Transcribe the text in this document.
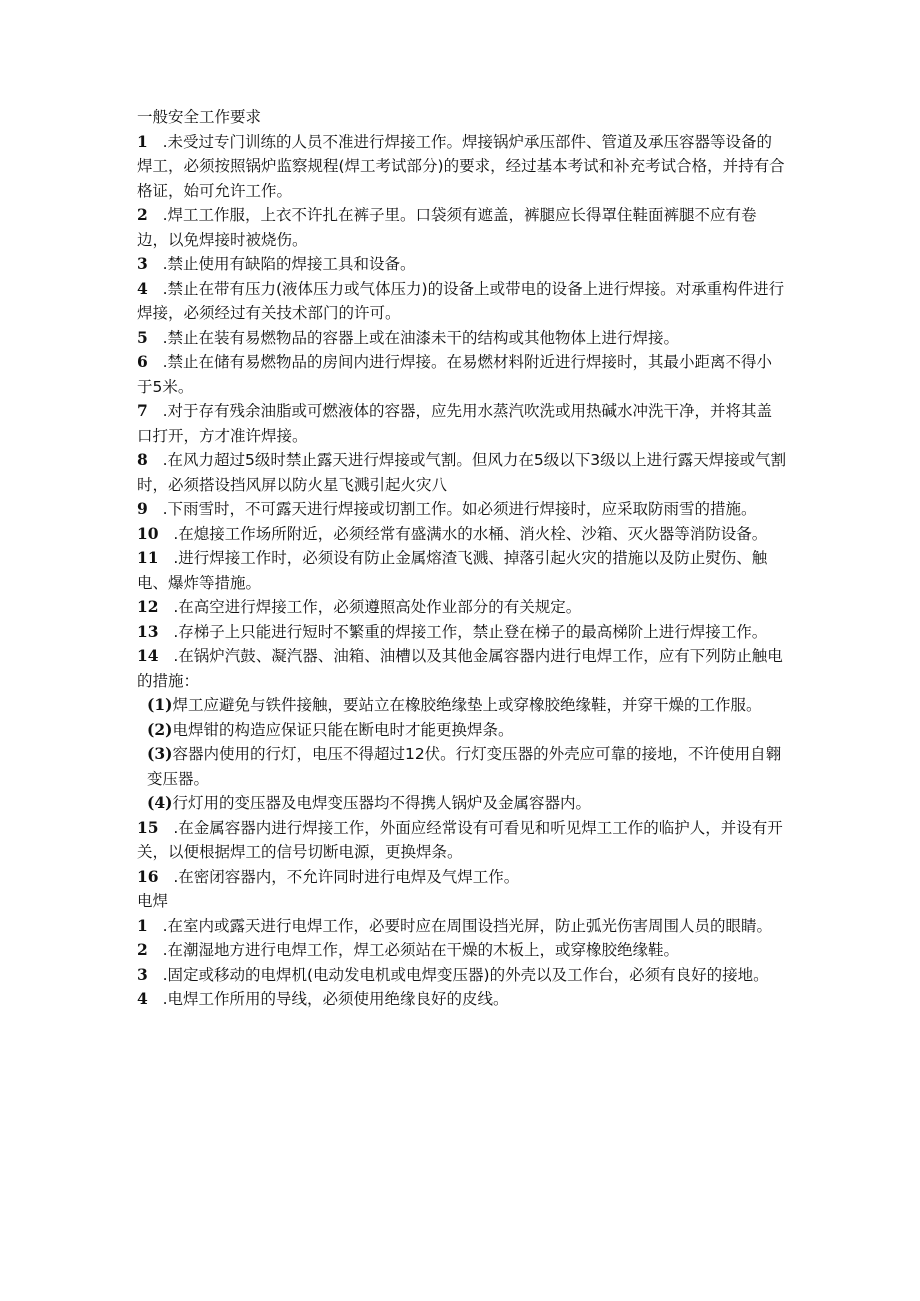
一般安全工作要求

1 .未受过专门训练的人员不准进行焊接工作。焊接锅炉承压部件、管道及承压容器等设备的焊工，必须按照锅炉监察规程(焊工考试部分)的要求，经过基本考试和补充考试合格，并持有合格证，始可允许工作。

2 .焊工工作服，上衣不许扎在裤子里。口袋须有遮盖，裤腿应长得罩住鞋面裤腿不应有卷边，以免焊接时被烧伤。

3 .禁止使用有缺陷的焊接工具和设备。

4 .禁止在带有压力(液体压力或气体压力)的设备上或带电的设备上进行焊接。对承重构件进行焊接，必须经过有关技术部门的许可。

5 .禁止在装有易燃物品的容器上或在油漆未干的结构或其他物体上进行焊接。

6 .禁止在储有易燃物品的房间内进行焊接。在易燃材料附近进行焊接时，其最小距离不得小于5米。

7 .对于存有残余油脂或可燃液体的容器，应先用水蒸汽吹洗或用热碱水冲洗干净，并将其盖口打开，方才准许焊接。

8 .在风力超过5级时禁止露天进行焊接或气割。但风力在5级以下3级以上进行露天焊接或气割时，必须搭设挡风屏以防火星飞溅引起火灾八

9 .下雨雪时，不可露天进行焊接或切割工作。如必须进行焊接时，应采取防雨雪的措施。

10 .在熄接工作场所附近，必须经常有盛满水的水桶、消火栓、沙箱、灭火器等消防设备。

11 .进行焊接工作时，必须设有防止金属熔渣飞溅、掉落引起火灾的措施以及防止熨伤、触电、爆炸等措施。

12 .在高空进行焊接工作，必须遵照高处作业部分的有关规定。

13 .存梯子上只能进行短时不繁重的焊接工作，禁止登在梯子的最高梯阶上进行焊接工作。

14 .在锅炉汽鼓、凝汽器、油箱、油槽以及其他金属容器内进行电焊工作，应有下列防止触电的措施：

(1)焊工应避免与铁件接触，要站立在橡胶绝缘垫上或穿橡胶绝缘鞋，并穿干燥的工作服。

(2)电焊钳的构造应保证只能在断电时才能更换焊条。

(3)容器内使用的行灯，电压不得超过12伏。行灯变压器的外壳应可靠的接地，不许使用自翱变压器。

(4)行灯用的变压器及电焊变压器均不得携人锅炉及金属容器内。

15 .在金属容器内进行焊接工作，外面应经常设有可看见和听见焊工工作的临护人，并设有开关，以便根据焊工的信号切断电源，更换焊条。

16 .在密闭容器内，不允许同时进行电焊及气焊工作。

电焊

1 .在室内或露天进行电焊工作，必要时应在周围设挡光屏，防止弧光伤害周围人员的眼睛。

2 .在潮湿地方进行电焊工作，焊工必须站在干燥的木板上，或穿橡胶绝缘鞋。

3 .固定或移动的电焊机(电动发电机或电焊变压器)的外壳以及工作台，必须有良好的接地。

4 .电焊工作所用的导线，必须使用绝缘良好的皮线。
